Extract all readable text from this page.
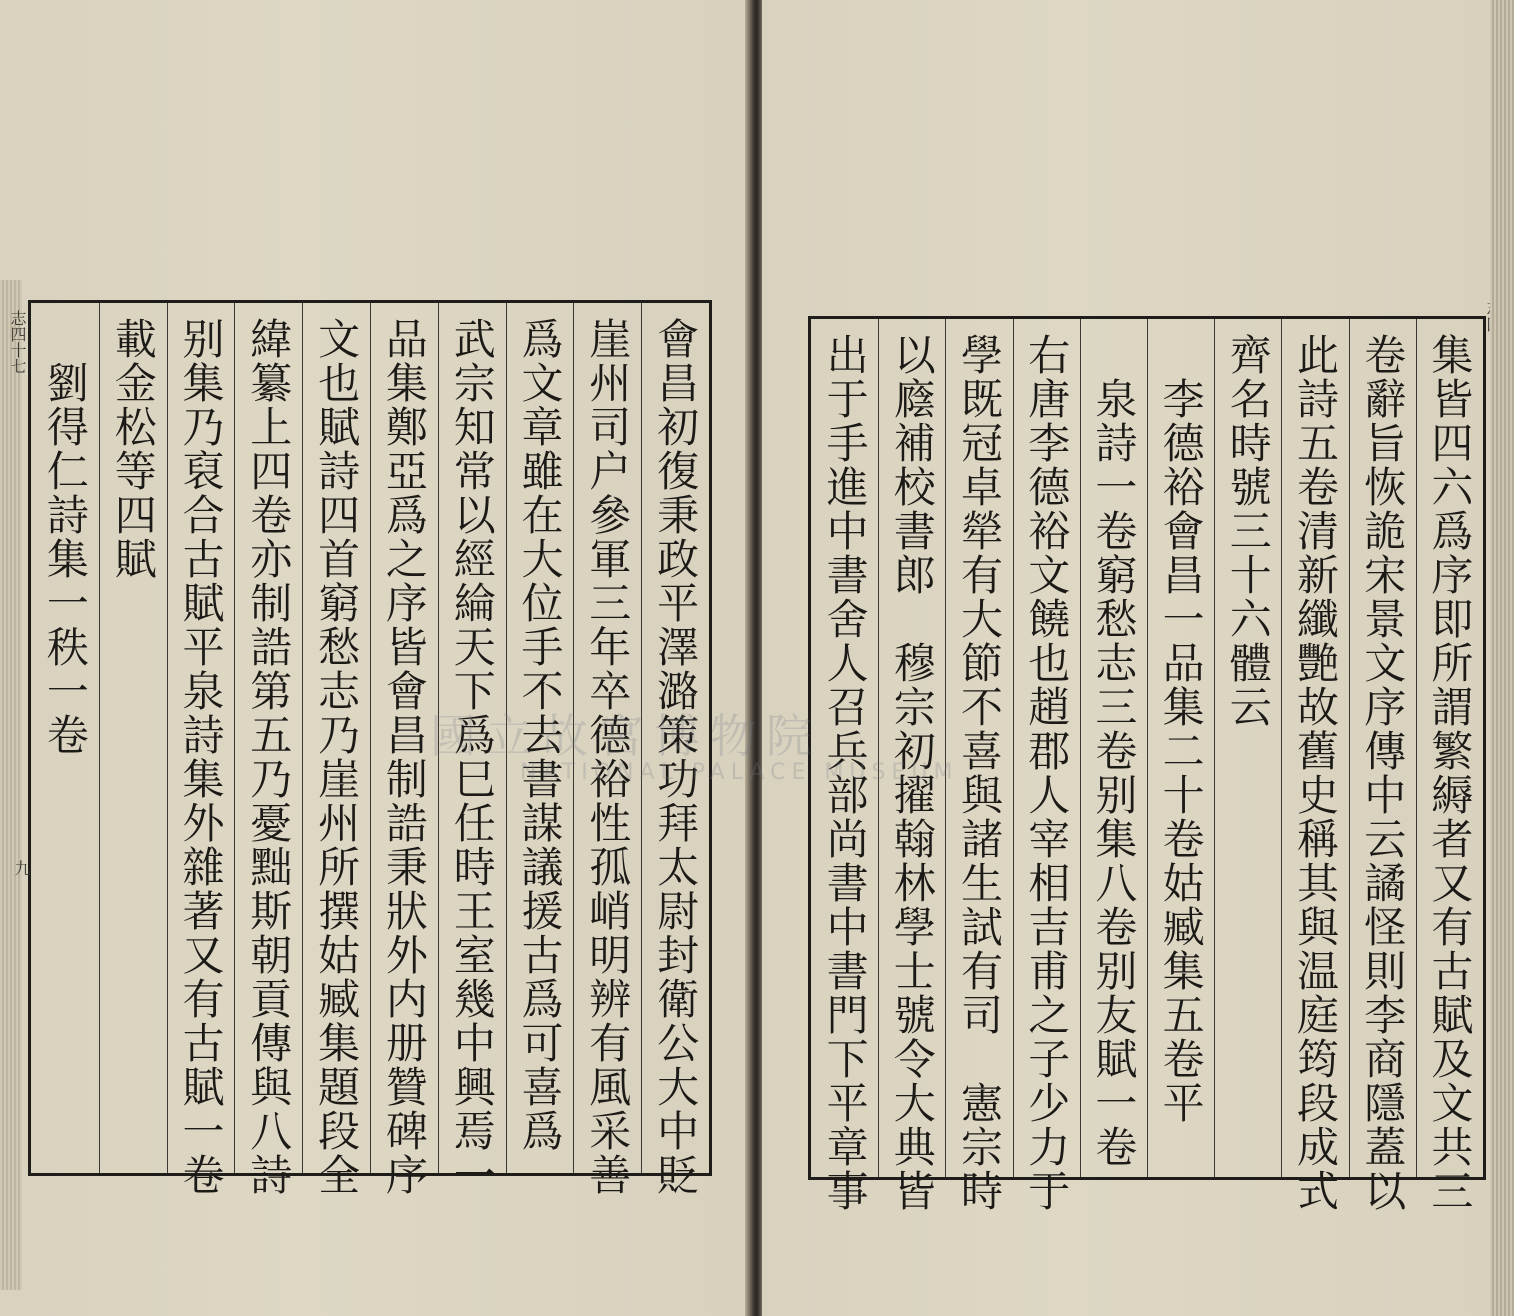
會昌初復秉政平澤潞策功拜太尉封衛公大中貶
崖州司户參軍三年卒德裕性孤峭明辨有風采善
爲文章雖在大位手不去書謀議援古爲可喜爲
武宗知常以經綸天下爲巳任時王室幾中興焉一
品集鄭亞爲之序皆會昌制誥秉狀外内册贊碑序
文也賦詩四首窮愁志乃崖州所撰姑臧集題段全
緯纂上四卷亦制誥第五乃憂黜斯朝貢傳與八詩
别集乃裒合古賦平泉詩集外雜著又有古賦一卷
載金松等四賦
　劉得仁詩集一秩一卷
志四十七
九	集皆四六爲序即所謂繁縟者又有古賦及文共三
卷辭旨恢詭宋景文序傳中云譎怪則李商隱蓋以
此詩五卷清新纖艷故舊史稱其與温庭筠段成式
齊名時號三十六體云
　李德裕會昌一品集二十卷姑臧集五卷平
　泉詩一卷窮愁志三卷别集八卷别友賦一卷
右唐李德裕文饒也趙郡人宰相吉甫之子少力于
學既冠卓犖有大節不喜與諸生試有司　憲宗時
以廕補校書郎　穆宗初擢翰林學士號令大典皆
出于手進中書舍人召兵部尚書中書門下平章事
國立故宮博物院
NATIONAL PALACE MUSEUM
